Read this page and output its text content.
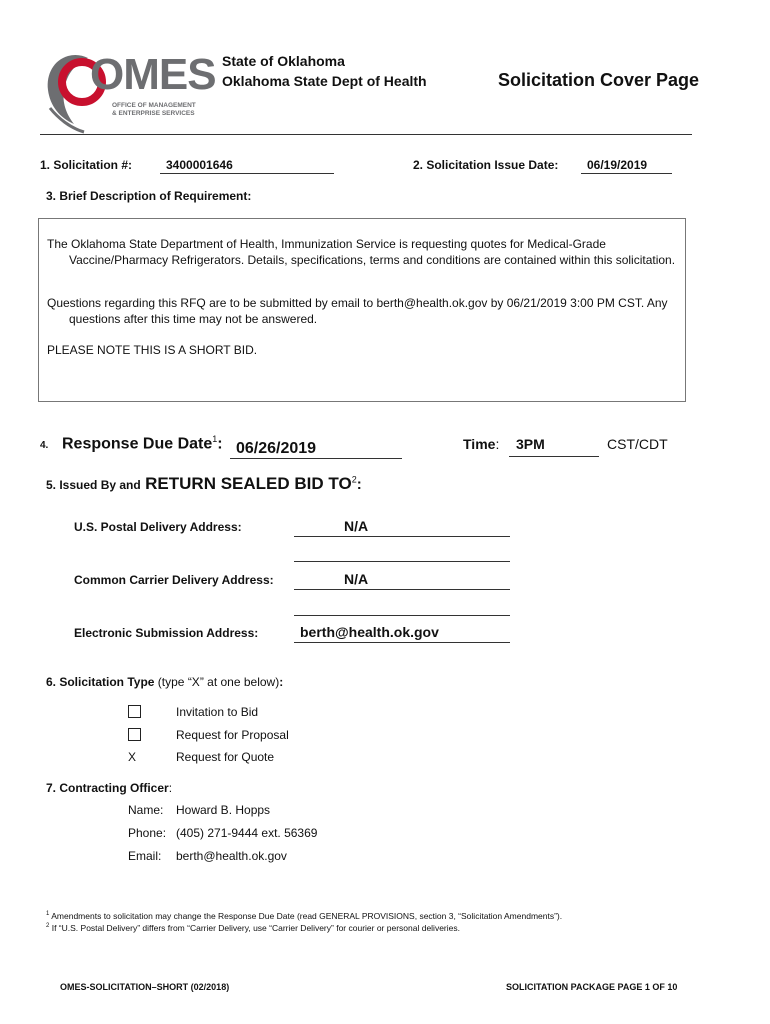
OMES
OFFICE OF MANAGEMENT
& ENTERPRISE SERVICES
State of Oklahoma
Oklahoma State Dept of Health	Solicitation Cover Page
1. Solicitation #:	3400001646	2. Solicitation Issue Date:	06/19/2019
3. Brief Description of Requirement:
The Oklahoma State Department of Health, Immunization Service is requesting quotes for Medical-Grade Vaccine/Pharmacy Refrigerators. Details, specifications, terms and conditions are contained within this solicitation.
Questions regarding this RFQ are to be submitted by email to berth@health.ok.gov by 06/21/2019 3:00 PM CST. Any questions after this time may not be answered.
PLEASE NOTE THIS IS A SHORT BID.
4. Response Due Date$^1$: 06/26/2019	Time:	3PM	CST/CDT
5. Issued By and RETURN SEALED BID $TO^2$:
U.S. Postal Delivery Address:	N/A
Common Carrier Delivery Address:	N/A
Electronic Submission Address:	berth@health.ok.gov
6. Solicitation Type (type “X” at one below):
Invitation to Bid
Request for Proposal
X	Request for Quote
7. Contracting Officer:
Name: Howard B. Hopps
Phone: (405) 271-9444 ext. 56369
Email: berth@health.ok.gov
$^1$ Amendments to solicitation may change the Response Due Date (read GENERAL PROVISIONS, section 3, “Solicitation Amendments”).
$^2$ If “U.S. Postal Delivery” differs from “Carrier Delivery, use “Carrier Delivery” for courier or personal deliveries.
OMES-SOLICITATION–SHORT (02/2018)	SOLICITATION PACKAGE PAGE 1 OF 10
